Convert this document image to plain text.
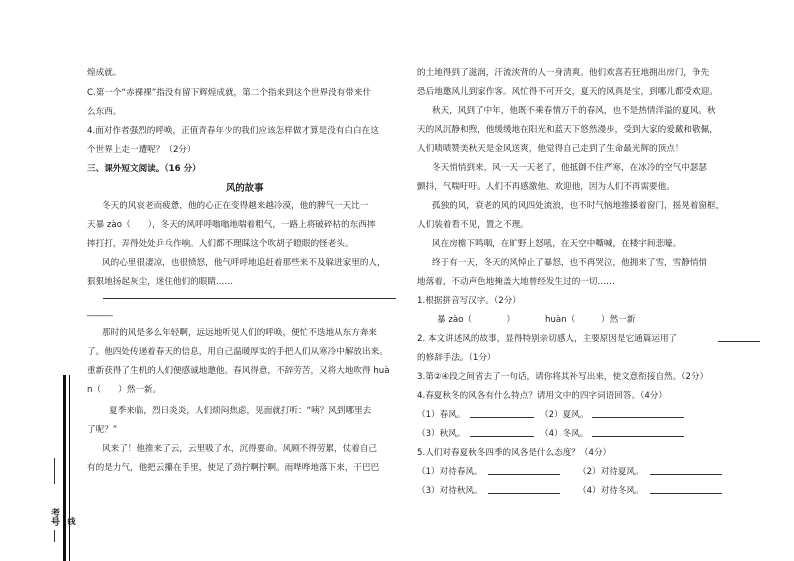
煌成就。
C.第一个“赤裸裸”指没有留下辉煌成就，第二个指来到这个世界没有带来什
么东西。
4.面对作者强烈的呼唤，正值青春年少的我们应该怎样做才算是没有白白在这
个世界上走一遭呢？（2分）
三、课外短文阅读。（16 分）
风的故事
冬天的风哀老而疲惫，他的心正在变得越来越冷漠，他的脾气一天比一
天暴 zào（　　），冬天的风呼呼嗡嗡地喘着粗气，一路上将破碎枯的东西摔
摔打打，弄得处处乒乓作响。人们都不理睬这个吹胡子瞪眼的怪老头。
风的心里很凄凉，也很愤怒，他气呼呼地追赶着那些来不及躲进家里的人，
狠狠地扬起灰尘，迷住他们的眼睛……
______
那时的风是多么年轻啊，远远地听见人们的呼唤，便忙不迭地从东方奔来
了。他四处传递着春天的信息，用自己温暖厚实的手把人们从寒冷中解放出来。
重新获得了生机的人们便感诚地邀他。春风得意，不辞劳苦，又将大地吹得 huà
n（　　）然一新。
夏季来临，烈日炎炎，人们烦闷焦虑，见面就打听：“咦？风到哪里去
了呢？”
风来了！他推来了云，云里吸了水，沉得要命。风顾不得劳累，仗着自己
有的是力气，他把云攥在手里，使足了劲拧啊拧啊。雨哗哗地落下来，干巴巴
的土地得到了滋润，汗流浃背的人一身清爽。他们欢喜若狂地拥出房门，争先
恐后地邀风儿到家作客。风忙得不可开交，夏天的风真是宝，到哪儿都受欢迎。
秋天，风到了中年，他既不乘春情万千的春风，也不是热情洋溢的夏风。秋
天的风沉静和煦，他缓缓地在阳光和蓝天下悠然漫步，受到大家的爱戴和敬佩，
人们啧啧赞美秋天是金风送爽，他觉得自己走到了生命最光辉的顶点！
冬天悄悄到来，风一天一天老了，他抵御不住严寒，在冰冷的空气中瑟瑟
颤抖，气喘吁吁。人们不再感激他、欢迎他，因为人们不再需要他。
孤独的风，衰老的风的风四处流浪，也不时气恼地推搡着窗门，摇晃着窗框，
人们装着看不见，置之不理。
风在房檐下鸣咽，在旷野上怒吼，在天空中嘶喊，在楼宇间悲嚎。
终于有一天，冬天的风悼止了暴怒，也不再哭泣，他拥来了雪，雪静悄悄
地落着，不动声色地掩盖大地曾经发生过的一切……
1.根据拼音写汉字。（2分）
暴 zào（　　　　）　　　　huàn（　　　）然一新
2. 本文讲述风的故事，显得特别亲切感人，主要原因是它通篇运用了
的修辞手法。（1分）
3.第②④段之间省去了一句话，请你将其补写出来，使文意衔接自然。（2分）
4.春夏秋冬的风各有什么特点？请用文中的四字词语回答。（4分）
（1）春风。	（2）夏风。
（3）秋风。	（4）冬风。
5.人们对春夏秋冬四季的风各是什么态度？（4分）
（1）对待春风。	（2）对待夏风。
（3）对待秋风。	（4）对待冬风。
考号 线
